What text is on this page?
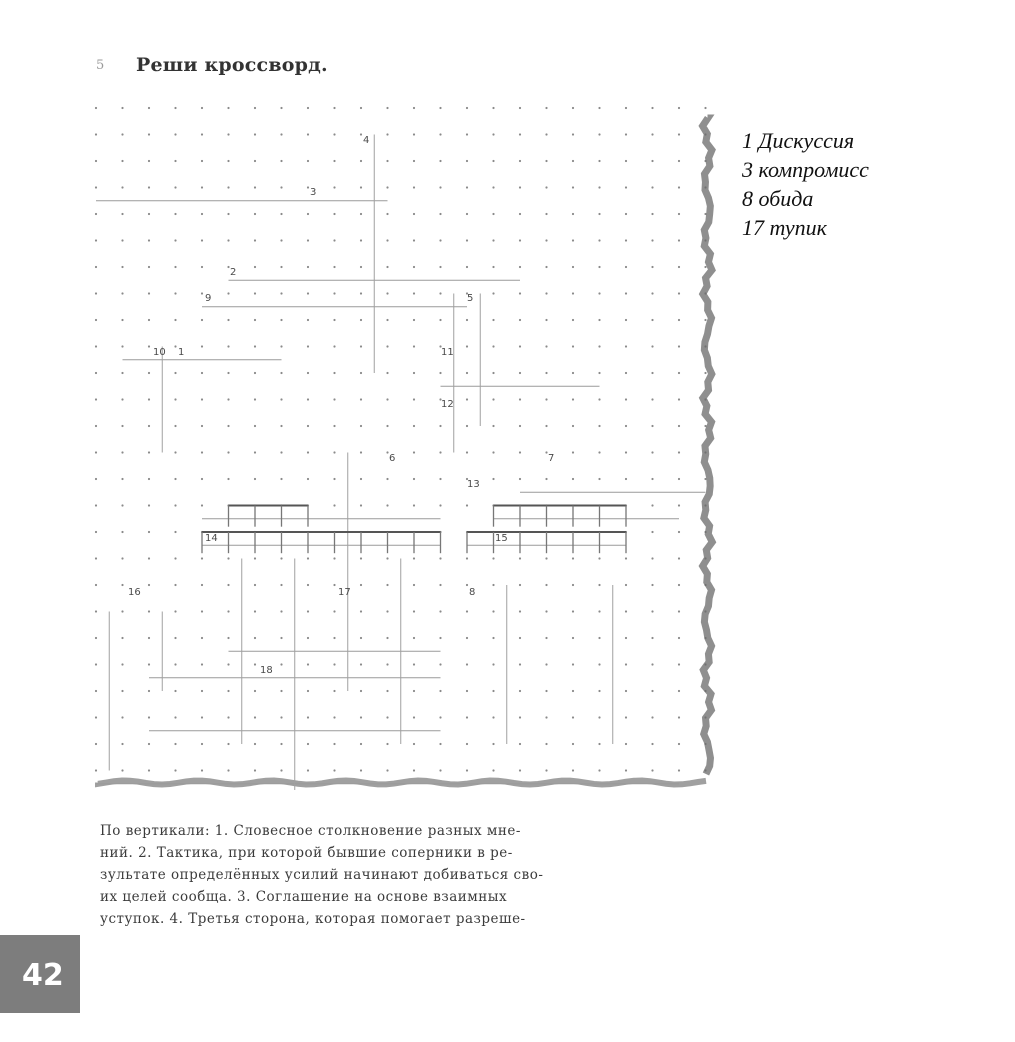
5 Реши кроссворд.
4
3
2
9	5
10 1	11
12
6	7
13
14	15
16	17	8
18
1 Дискуссия
3 компромисс
8 обида
17 тупик
По вертикали: 1. Словесное столкновение разных мне-
ний. 2. Тактика, при которой бывшие соперники в ре-
зультате определённых усилий начинают добиваться сво-
их целей сообща. 3. Соглашение на основе взаимных
уступок. 4. Третья сторона, которая помогает разреше-
42
